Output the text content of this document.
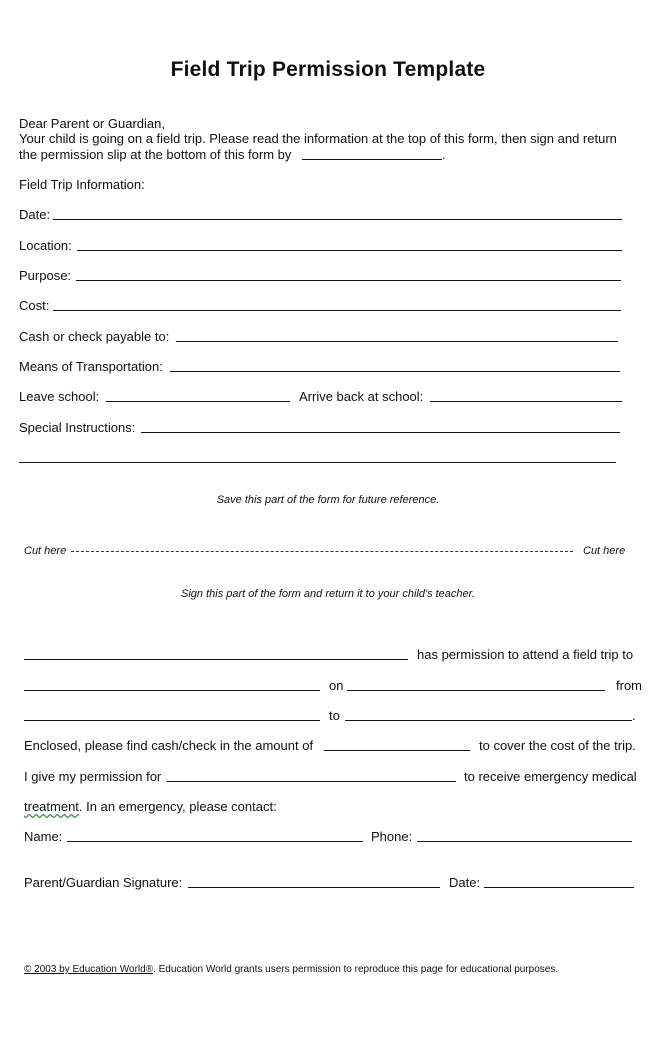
Field Trip Permission Template
Dear Parent or Guardian,
Your child is going on a field trip. Please read the information at the top of this form, then sign and return
the permission slip at the bottom of this form by	.
Field Trip Information:
Date:
Location:
Purpose:
Cost:
Cash or check payable to:
Means of Transportation:
Leave school:	Arrive back at school:
Special Instructions:
Save this part of the form for future reference.
Cut here	Cut here
Sign this part of the form and return it to your child's teacher.
has permission to attend a field trip to
on	from
to	.
Enclosed, please find cash/check in the amount of	to cover the cost of the trip.
I give my permission for	to receive emergency medical
treatment. In an emergency, please contact:
Name:	Phone:
Parent/Guardian Signature:	Date:
© 2003 by Education World®. Education World grants users permission to reproduce this page for educational purposes.
